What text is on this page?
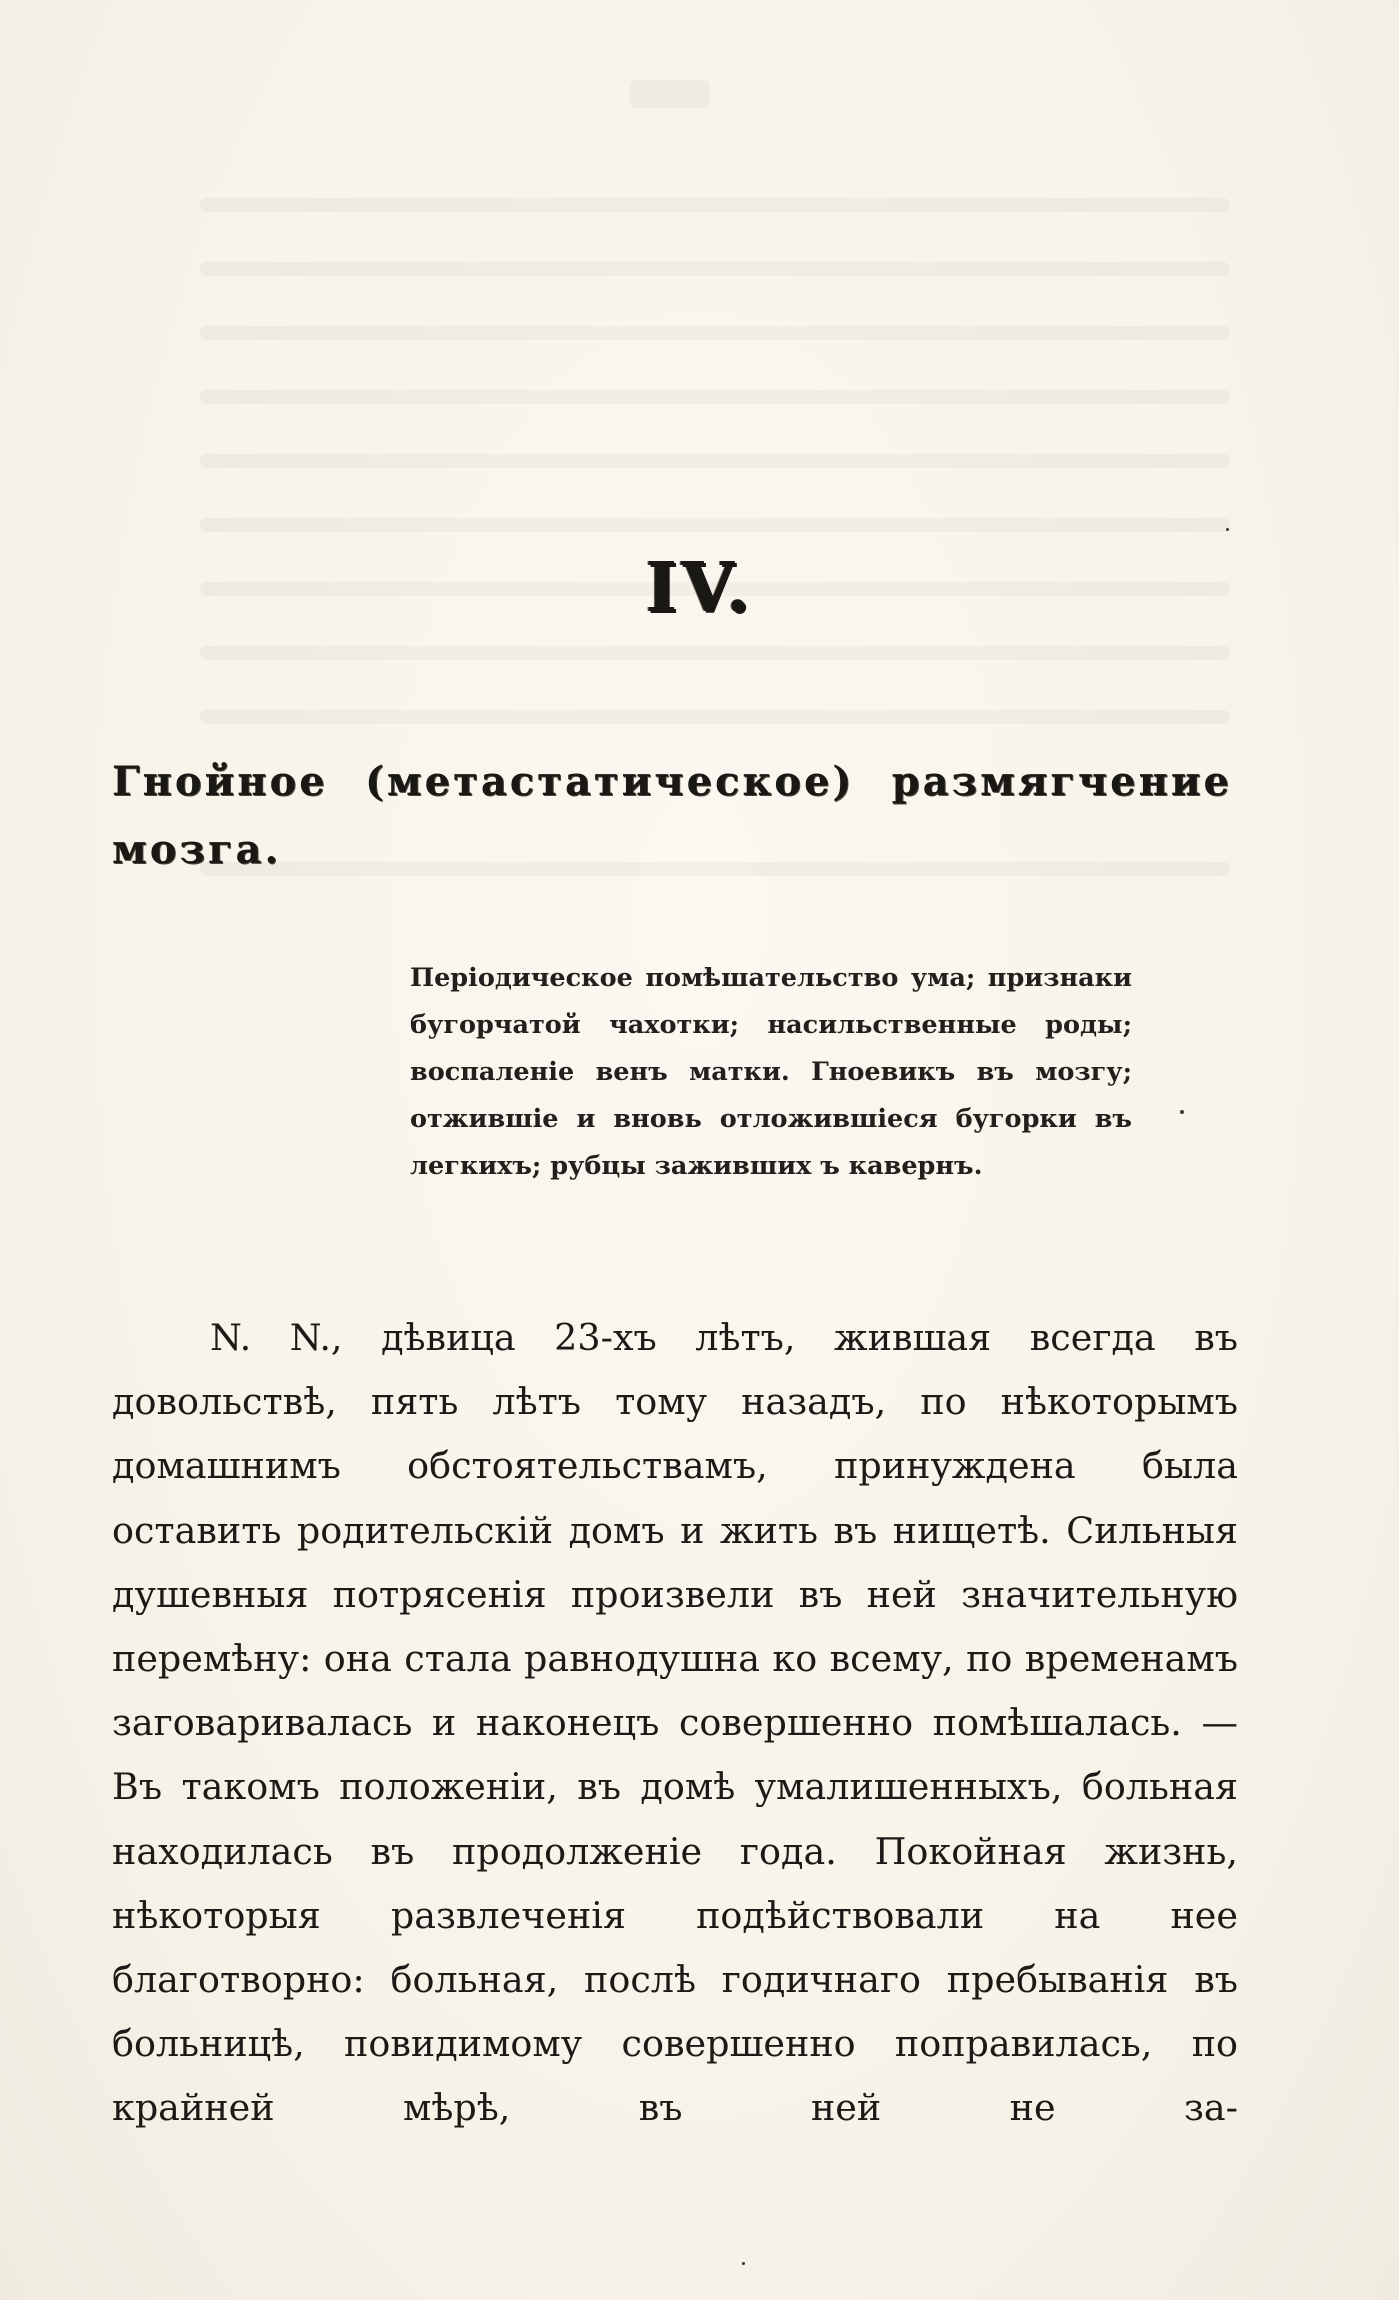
IV.
Гнойное (метастатическое) размягчение мозга.

Періодическое помѣшательство ума; признаки бугорчатой чахотки; насильственные роды; воспаленіе венъ матки. Гноевикъ въ мозгу; отжившіе и вновь отложившіеся бугорки въ легкихъ; рубцы заживших ъ кавернъ.

N. N., дѣвица 23-хъ лѣтъ, жившая всегда въ довольствѣ, пять лѣтъ тому назадъ, по нѣкоторымъ домашнимъ обстоятельствамъ, принуждена была оставить родительскій домъ и жить въ нищетѣ. Сильныя душевныя потрясенія произвели въ ней значительную перемѣну: она стала равнодушна ко всему, по временамъ заговаривалась и наконецъ совершенно помѣшалась. — Въ такомъ положеніи, въ домѣ умалишенныхъ, больная находилась въ продолженіе года. Покойная жизнь, нѣкоторыя развлеченія подѣйствовали на нее благотворно: больная, послѣ годичнаго пребыванія въ больницѣ, повидимому совершенно поправилась, по крайней мѣрѣ, въ ней не за-
